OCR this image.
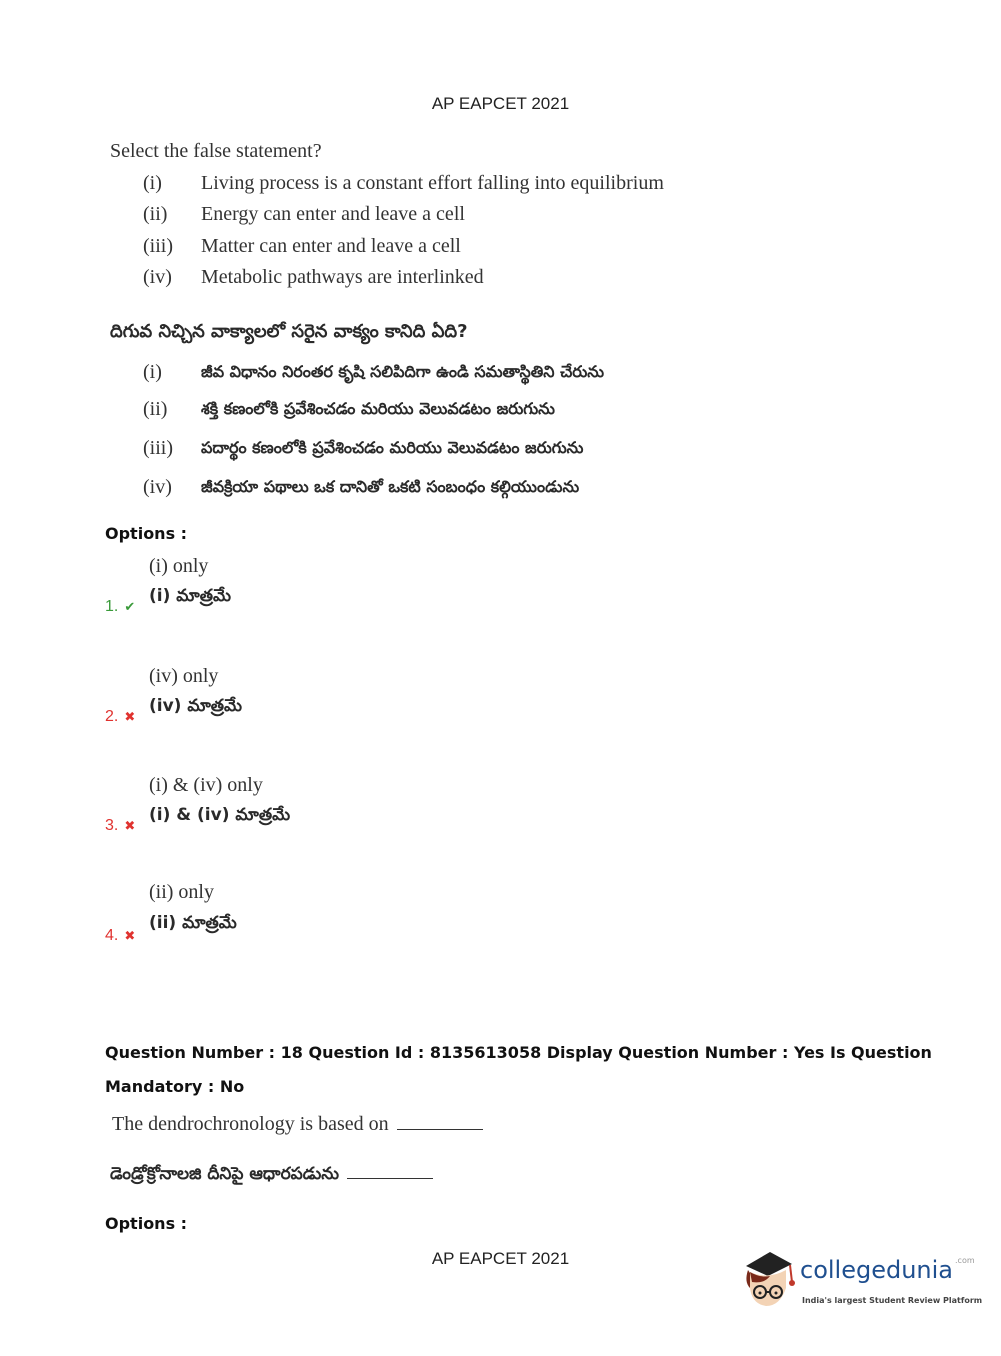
AP EAPCET 2021
Select the false statement?
(i) Living process is a constant effort falling into equilibrium
(ii) Energy can enter and leave a cell
(iii) Matter can enter and leave a cell
(iv) Metabolic pathways are interlinked
దిగువ నిచ్చిన వాక్యాలలో సరైన వాక్యం కానిది ఏది?
(i) జీవ విధానం నిరంతర కృషి సలిపిదిగా ఉండి సమతాస్థితిని చేరును
(ii) శక్తి కణంలోకి ప్రవేశించడం మరియు వెలువడటం జరుగును
(iii) పదార్థం కణంలోకి ప్రవేశించడం మరియు వెలువడటం జరుగును
(iv) జీవక్రియా పథాలు ఒక దానితో ఒకటి సంబంధం కల్గియుండును
Options :
(i) only
(i) మాత్రమే
1. ✔
(iv) only
(iv) మాత్రమే
2. ✖
(i) & (iv) only
(i) & (iv) మాత్రమే
3. ✖
(ii) only
(ii) మాత్రమే
4. ✖
Question Number : 18 Question Id : 8135613058 Display Question Number : Yes Is Question
Mandatory : No
The dendrochronology is based on
డెండ్రోక్రోనాలజి దీనిపై ఆధారపడును
Options :
AP EAPCET 2021	collegedunia $^{.com}$
India's largest Student Review Platform
